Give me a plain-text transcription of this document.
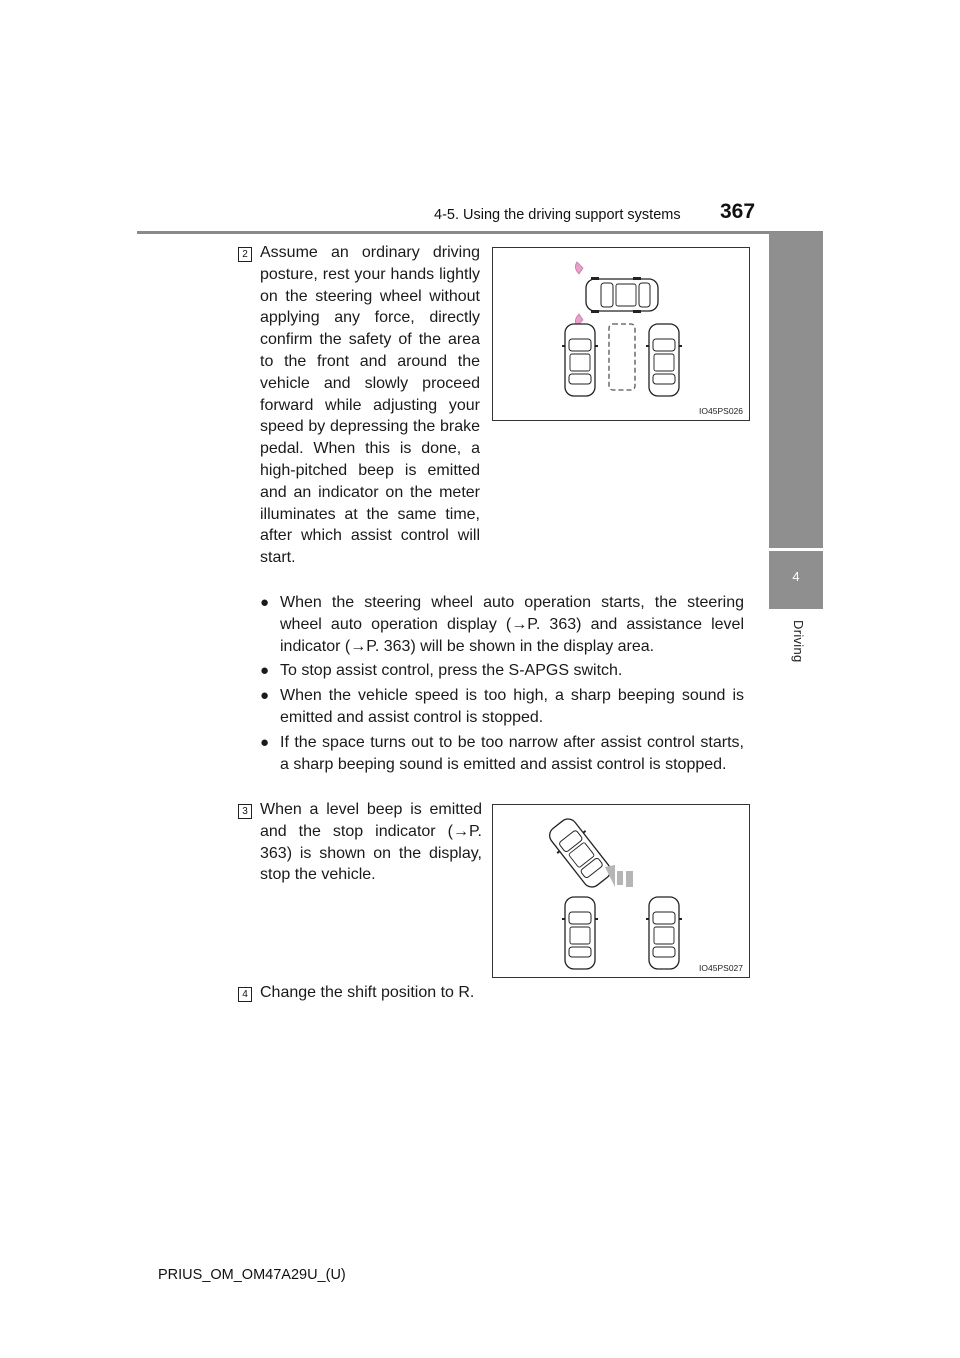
4-5. Using the driving support systems 367
4
Driving
2 Assume an ordinary driving posture, rest your hands lightly on the steering wheel without applying any force, directly confirm the safety of the area to the front and around the vehicle and slowly proceed forward while adjusting your speed by depressing the brake pedal. When this is done, a high-pitched beep is emitted and an indicator on the meter illuminates at the same time, after which assist control will start.
IO45PS026
● When the steering wheel auto operation starts, the steering wheel auto operation display (→P. 363) and assistance level indicator (→P. 363) will be shown in the display area.
● To stop assist control, press the S-APGS switch.
● When the vehicle speed is too high, a sharp beeping sound is emitted and assist control is stopped.
● If the space turns out to be too narrow after assist control starts, a sharp beeping sound is emitted and assist control is stopped.
3 When a level beep is emitted and the stop indicator (→P. 363) is shown on the display, stop the vehicle.
IO45PS027
4 Change the shift position to R.
PRIUS_OM_OM47A29U_(U)
